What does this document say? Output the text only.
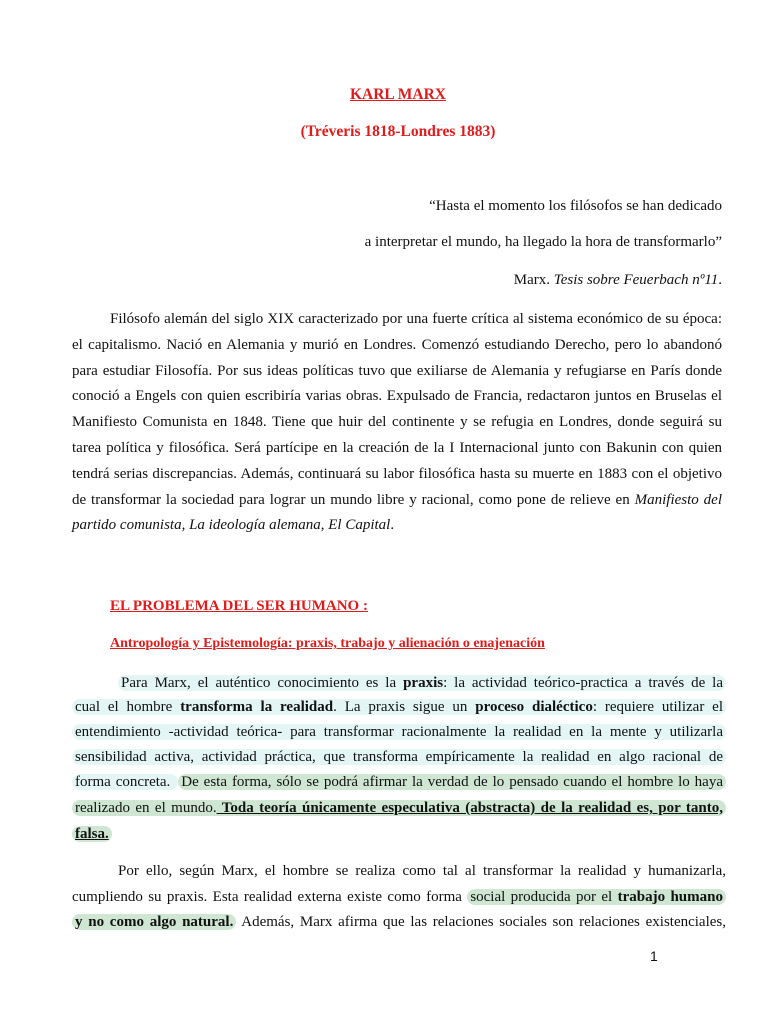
KARL MARX
(Tréveris 1818-Londres 1883)
“Hasta el momento los filósofos se han dedicado
a interpretar el mundo, ha llegado la hora de transformarlo”
Marx. Tesis sobre Feuerbach nº11.
Filósofo alemán del siglo XIX caracterizado por una fuerte crítica al sistema económico de su época: el capitalismo. Nació en Alemania y murió en Londres. Comenzó estudiando Derecho, pero lo abandonó para estudiar Filosofía. Por sus ideas políticas tuvo que exiliarse de Alemania y refugiarse en París donde conoció a Engels con quien escribiría varias obras. Expulsado de Francia, redactaron juntos en Bruselas el Manifiesto Comunista en 1848. Tiene que huir del continente y se refugia en Londres, donde seguirá su tarea política y filosófica. Será partícipe en la creación de la I Internacional junto con Bakunin con quien tendrá serias discrepancias. Además, continuará su labor filosófica hasta su muerte en 1883 con el objetivo de transformar la sociedad para lograr un mundo libre y racional, como pone de relieve en Manifiesto del partido comunista, La ideología alemana, El Capital.
EL PROBLEMA DEL SER HUMANO :
Antropología y Epistemología: praxis, trabajo y alienación o enajenación
Para Marx, el auténtico conocimiento es la praxis: la actividad teórico-practica a través de la
cual el hombre transforma la realidad. La praxis sigue un proceso dialéctico: requiere utilizar el
entendimiento -actividad teórica- para transformar racionalmente la realidad en la mente y utilizarla
sensibilidad activa, actividad práctica, que transforma empíricamente la realidad en algo racional de
forma concreta. De esta forma, sólo se podrá afirmar la verdad de lo pensado cuando el hombre lo haya
realizado en el mundo. Toda teoría únicamente especulativa (abstracta) de la realidad es, por tanto,
falsa.
Por ello, según Marx, el hombre se realiza como tal al transformar la realidad y humanizarla,
cumpliendo su praxis. Esta realidad externa existe como forma social producida por el trabajo humano
y no como algo natural. Además, Marx afirma que las relaciones sociales son relaciones existenciales,
1
